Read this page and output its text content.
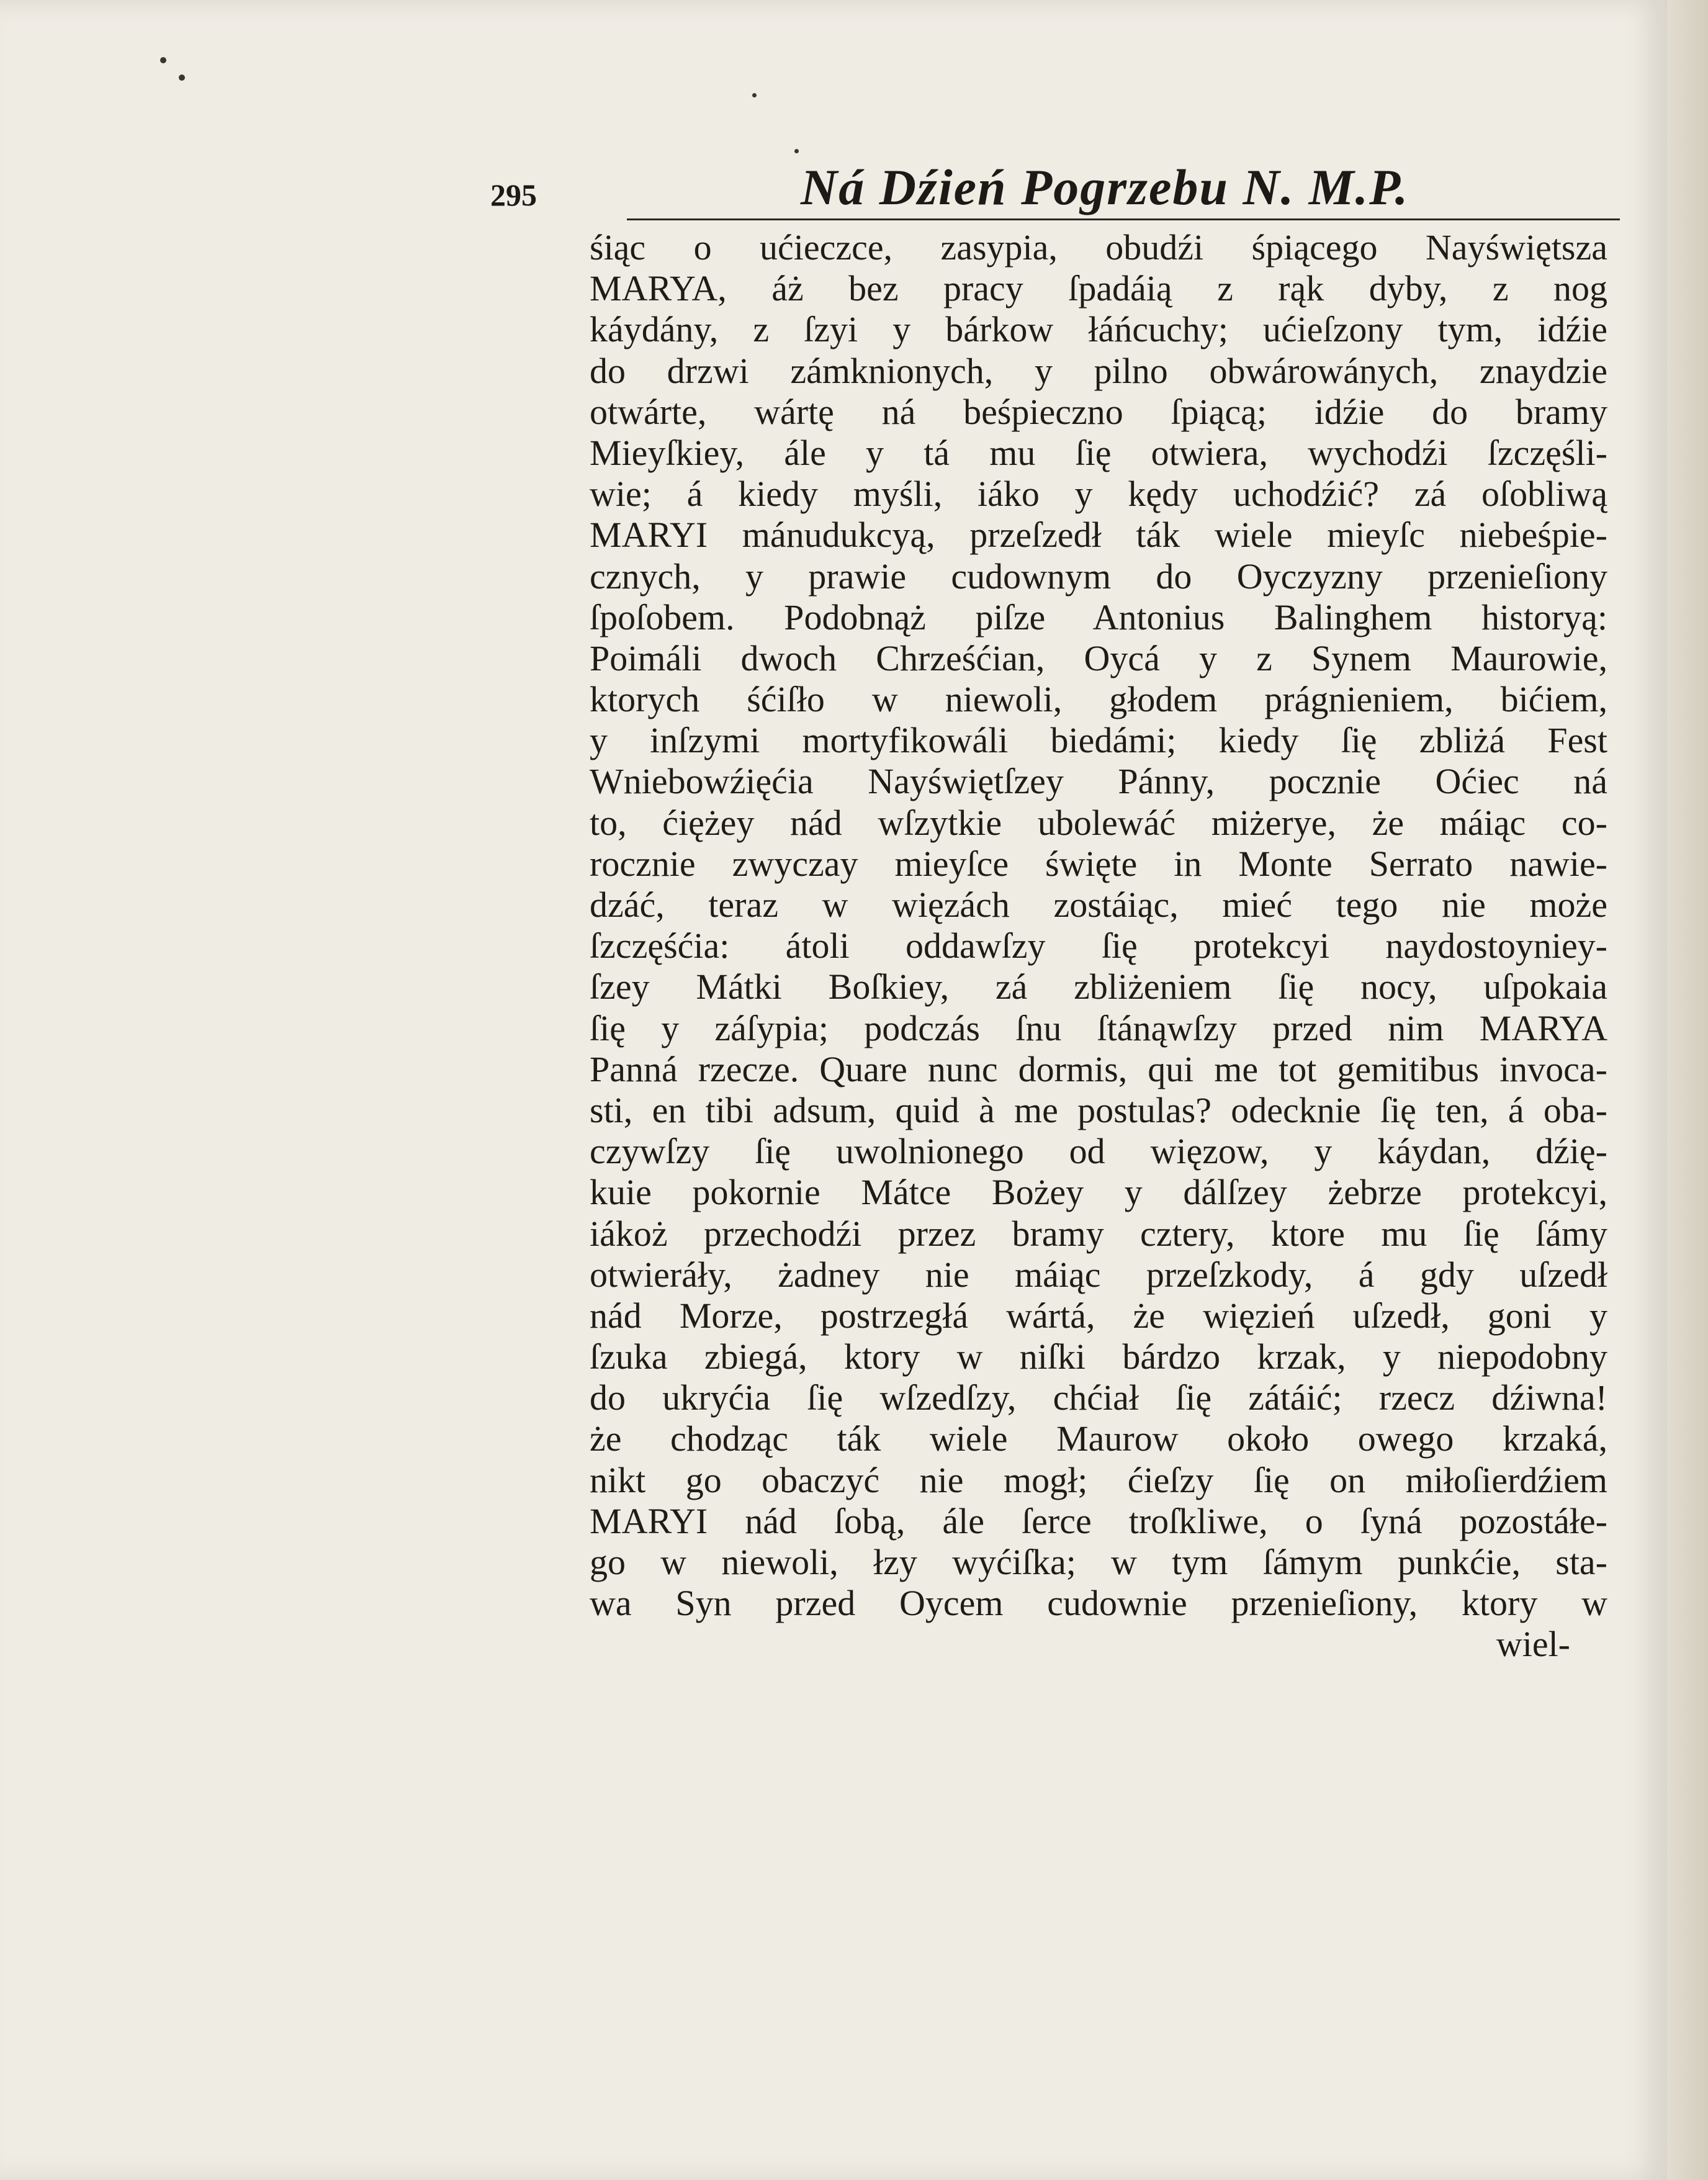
295	Ná Dźień Pogrzebu N. M.P.
śiąc o ućieczce, zasypia, obudźi śpiącego Nayświętsza
MARYA, áż bez pracy ſpadáią z rąk dyby, z nog
káydány, z ſzyi y bárkow łáńcuchy; ućieſzony tym, idźie
do drzwi zámknionych, y pilno obwárowánych, znaydzie
otwárte, wártę ná beśpieczno ſpiącą; idźie do bramy
Mieyſkiey, ále y tá mu ſię otwiera, wychodźi ſzczęśli-
wie; á kiedy myśli, iáko y kędy uchodźić? zá oſobliwą
MARYI mánudukcyą, przeſzedł ták wiele mieyſc niebeśpie-
cznych, y prawie cudownym do Oyczyzny przenieſiony
ſpoſobem. Podobnąż piſze Antonius Balinghem historyą:
Poimáli dwoch Chrześćian, Oycá y z Synem Maurowie,
ktorych śćiſło w niewoli, głodem prágnieniem, bićiem,
y inſzymi mortyfikowáli biedámi; kiedy ſię zbliżá Fest
Wniebowźięćia Nayświętſzey Pánny, pocznie Oćiec ná
to, ćiężey nád wſzytkie ubolewáć miżerye, że máiąc co-
rocznie zwyczay mieyſce święte in Monte Serrato nawie-
dzáć, teraz w więzách zostáiąc, mieć tego nie może
ſzczęśćia: átoli oddawſzy ſię protekcyi naydostoyniey-
ſzey Mátki Boſkiey, zá zbliżeniem ſię nocy, uſpokaia
ſię y záſypia; podczás ſnu ſtánąwſzy przed nim MARYA
Panná rzecze. Quare nunc dormis, qui me tot gemitibus invoca-
sti, en tibi adsum, quid à me postulas? odecknie ſię ten, á oba-
czywſzy ſię uwolnionego od więzow, y káydan, dźię-
kuie pokornie Mátce Bożey y dálſzey żebrze protekcyi,
iákoż przechodźi przez bramy cztery, ktore mu ſię ſámy
otwieráły, żadney nie máiąc przeſzkody, á gdy uſzedł
nád Morze, postrzegłá wártá, że więzień uſzedł, goni y
ſzuka zbiegá, ktory w niſki bárdzo krzak, y niepodobny
do ukryćia ſię wſzedſzy, chćiał ſię zátáić; rzecz dźiwna!
że chodząc ták wiele Maurow około owego krzaká,
nikt go obaczyć nie mogł; ćieſzy ſię on miłoſierdźiem
MARYI nád ſobą, ále ſerce troſkliwe, o ſyná pozostáłe-
go w niewoli, łzy wyćiſka; w tym ſámym punkćie, sta-
wa Syn przed Oycem cudownie przenieſiony, ktory w
wiel-
